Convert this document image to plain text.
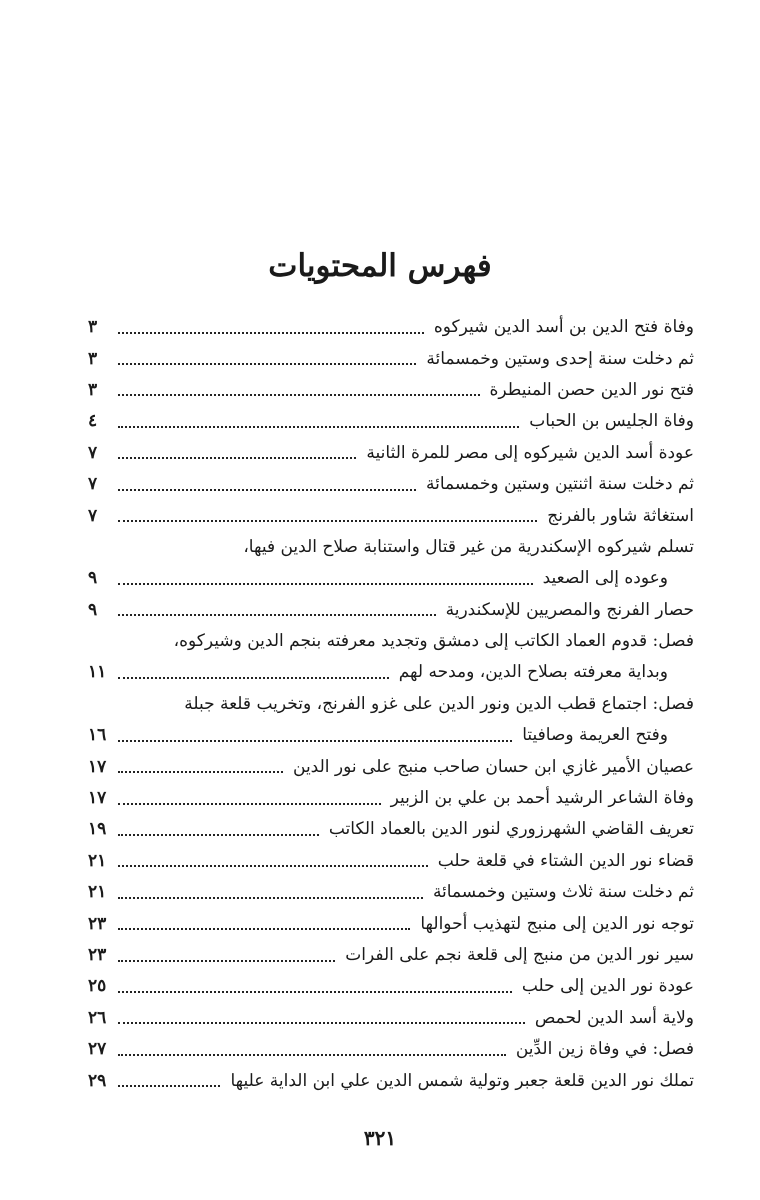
فهرس المحتويات
وفاة فتح الدين بن أسد الدين شيركوه
٣
ثم دخلت سنة إحدى وستين وخمسمائة
٣
فتح نور الدين حصن المنيطرة
٣
وفاة الجليس بن الحباب
٤
عودة أسد الدين شيركوه إلى مصر للمرة الثانية
٧
ثم دخلت سنة اثنتين وستين وخمسمائة
٧
استغاثة شاور بالفرنج
٧
تسلم شيركوه الإسكندرية من غير قتال واستنابة صلاح الدين فيها،
وعوده إلى الصعيد
٩
حصار الفرنج والمصريين للإسكندرية
٩
فصل: قدوم العماد الكاتب إلى دمشق وتجديد معرفته بنجم الدين وشيركوه،
وبداية معرفته بصلاح الدين، ومدحه لهم
١١
فصل: اجتماع قطب الدين ونور الدين على غزو الفرنج، وتخريب قلعة جبلة
وفتح العريمة وصافيتا
١٦
عصيان الأمير غازي ابن حسان صاحب منبج على نور الدين
١٧
وفاة الشاعر الرشيد أحمد بن علي بن الزبير
١٧
تعريف القاضي الشهرزوري لنور الدين بالعماد الكاتب
١٩
قضاء نور الدين الشتاء في قلعة حلب
٢١
ثم دخلت سنة ثلاث وستين وخمسمائة
٢١
توجه نور الدين إلى منبج لتهذيب أحوالها
٢٣
سير نور الدين من منبج إلى قلعة نجم على الفرات
٢٣
عودة نور الدين إلى حلب
٢٥
ولاية أسد الدين لحمص
٢٦
فصل: في وفاة زين الدِّين
٢٧
تملك نور الدين قلعة جعبر وتولية شمس الدين علي ابن الداية عليها
٢٩
٣٢١
